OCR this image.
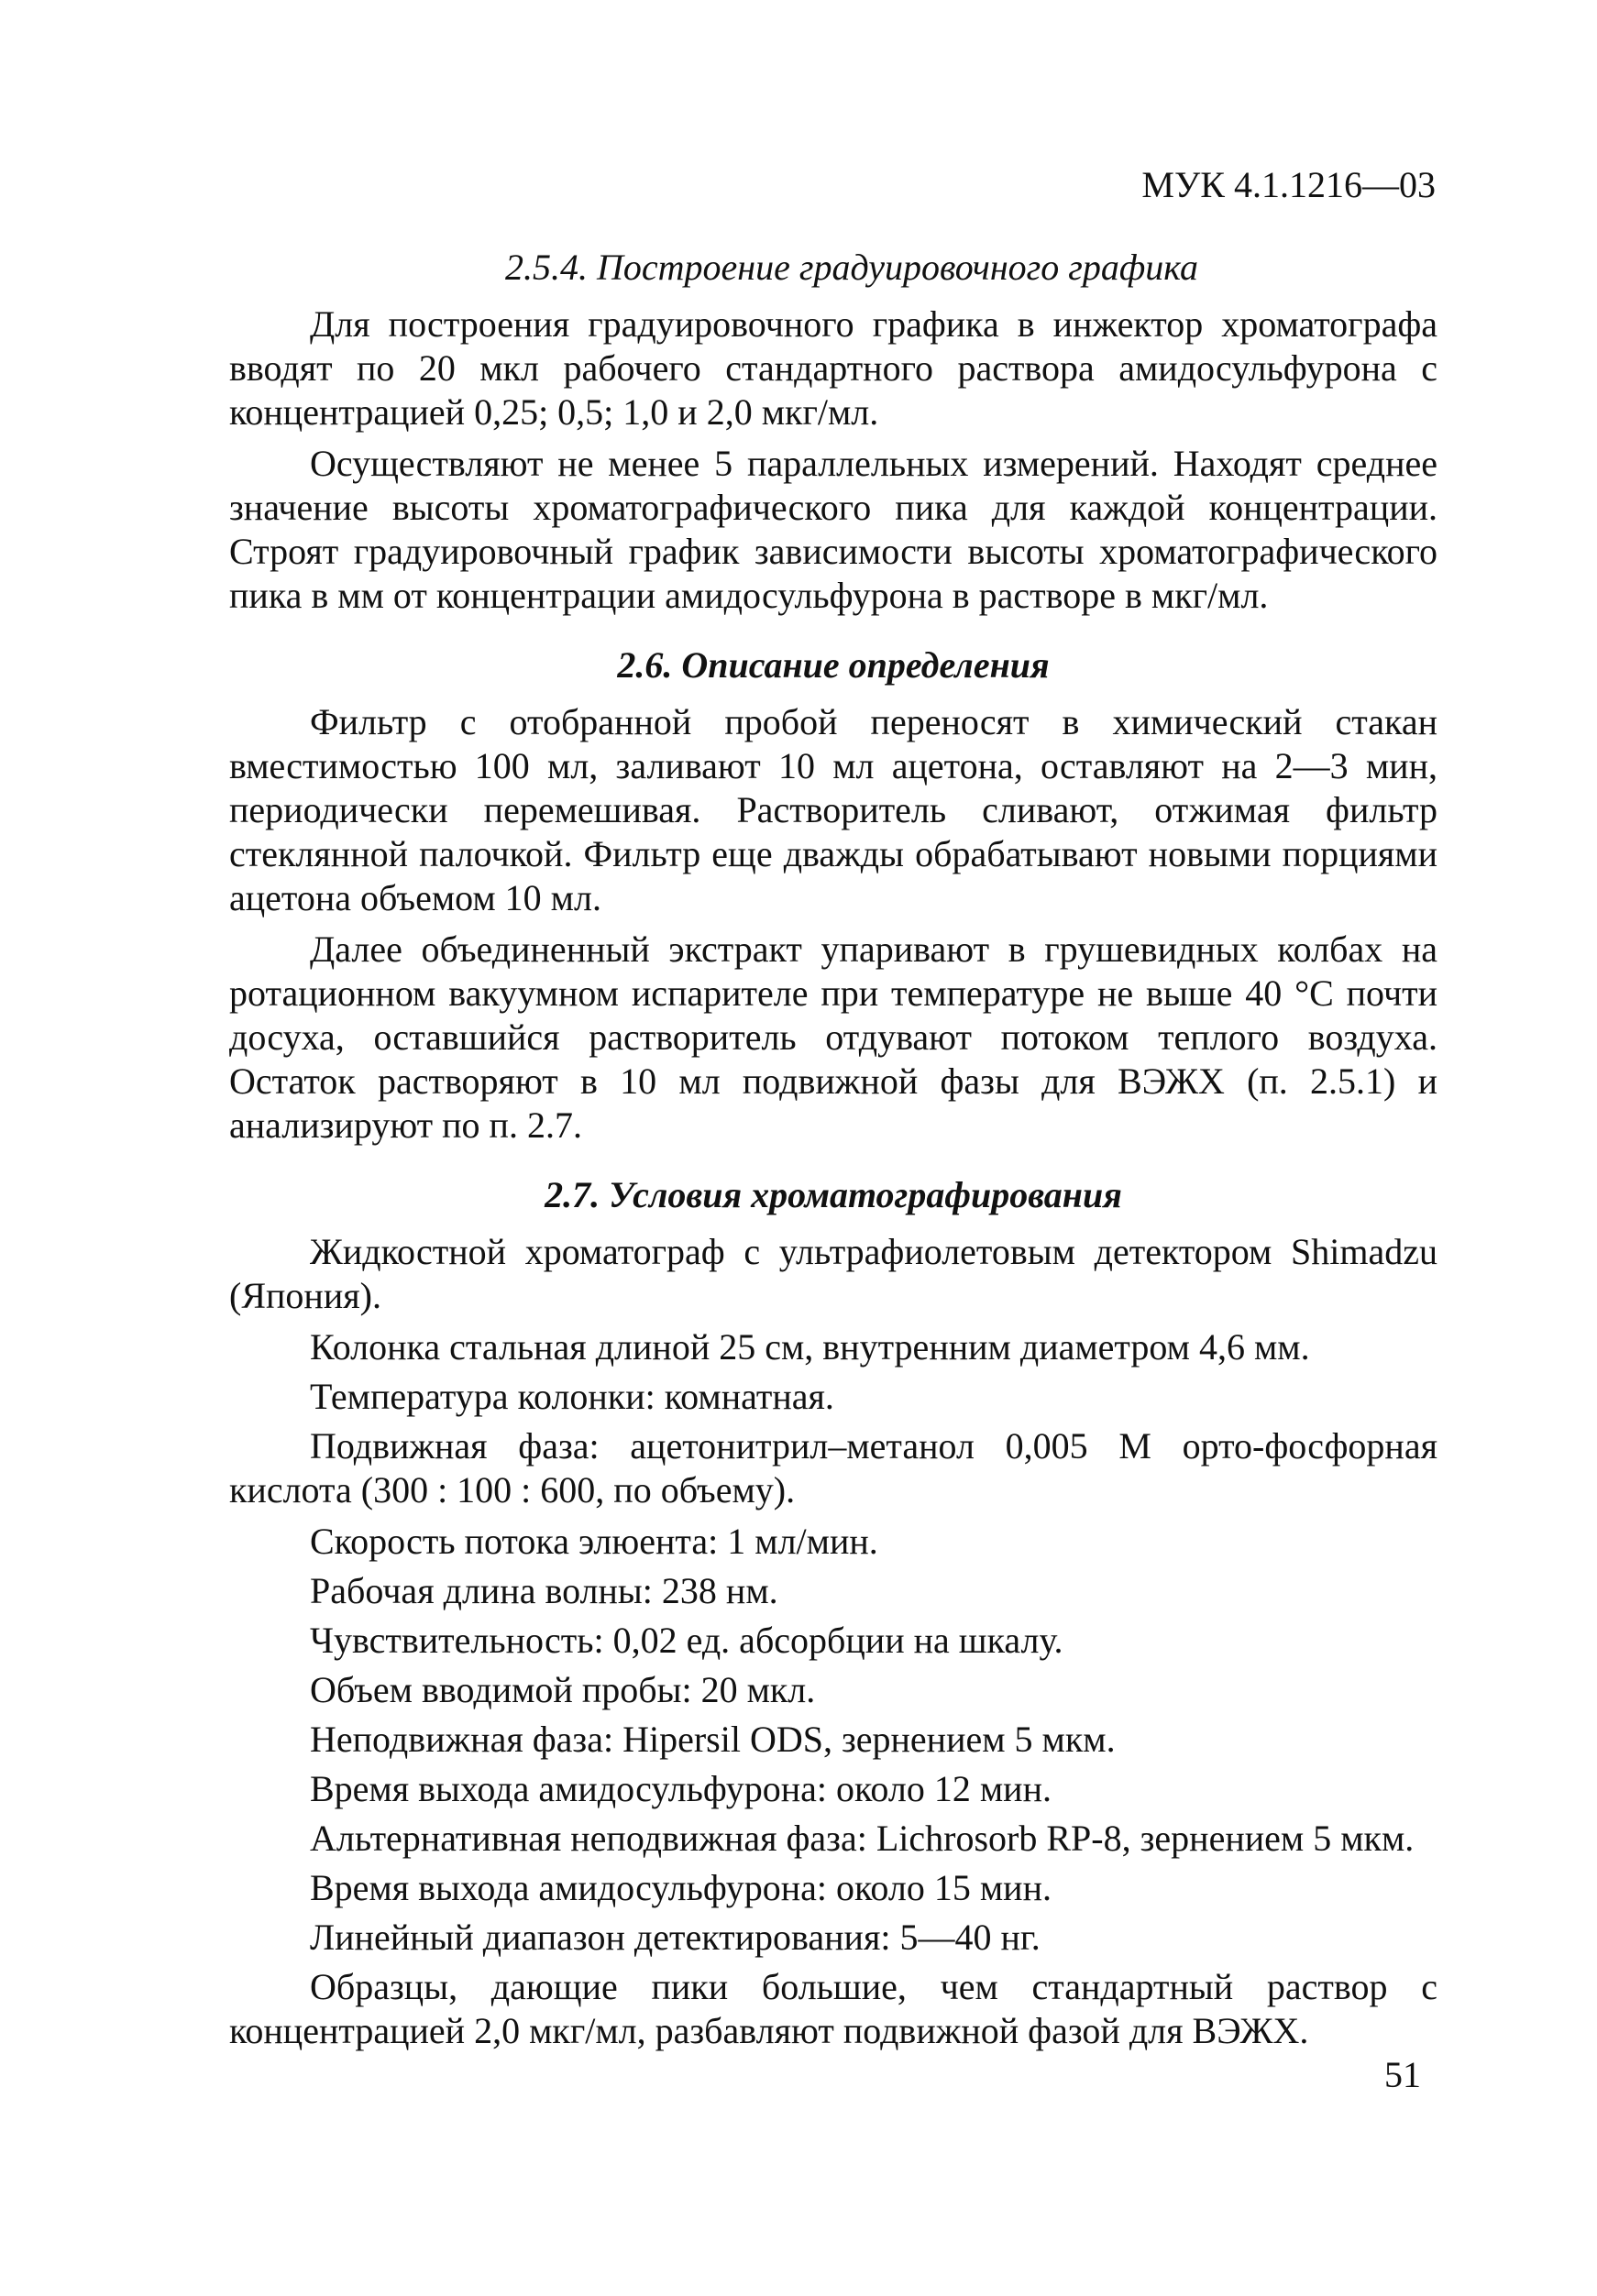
МУК 4.1.1216—03
2.5.4. Построение градуировочного графика

Для построения градуировочного графика в инжектор хроматографа вводят по 20 мкл рабочего стандартного раствора амидосульфурона с концентрацией 0,25; 0,5; 1,0 и 2,0 мкг/мл.

Осуществляют не менее 5 параллельных измерений. Находят среднее значение высоты хроматографического пика для каждой концентрации. Строят градуировочный график зависимости высоты хроматографического пика в мм от концентрации амидосульфурона в растворе в мкг/мл.

2.6. Описание определения

Фильтр с отобранной пробой переносят в химический стакан вместимостью 100 мл, заливают 10 мл ацетона, оставляют на 2—3 мин, периодически перемешивая. Растворитель сливают, отжимая фильтр стеклянной палочкой. Фильтр еще дважды обрабатывают новыми порциями ацетона объемом 10 мл.

Далее объединенный экстракт упаривают в грушевидных колбах на ротационном вакуумном испарителе при температуре не выше 40 °С почти досуха, оставшийся растворитель отдувают потоком теплого воздуха. Остаток растворяют в 10 мл подвижной фазы для ВЭЖХ (п. 2.5.1) и анализируют по п. 2.7.

2.7. Условия хроматографирования

Жидкостной хроматограф с ультрафиолетовым детектором Shimadzu (Япония).

Колонка стальная длиной 25 см, внутренним диаметром 4,6 мм.
Температура колонки: комнатная.

Подвижная фаза: ацетонитрил–метанол 0,005 М орто-фосфорная кислота (300 : 100 : 600, по объему).

Скорость потока элюента: 1 мл/мин.
Рабочая длина волны: 238 нм.
Чувствительность: 0,02 ед. абсорбции на шкалу.
Объем вводимой пробы: 20 мкл.
Неподвижная фаза: Hipersil ODS, зернением 5 мкм.
Время выхода амидосульфурона: около 12 мин.
Альтернативная неподвижная фаза: Lichrosorb RP-8, зернением 5 мкм.
Время выхода амидосульфурона: около 15 мин.
Линейный диапазон детектирования: 5—40 нг.

Образцы, дающие пики большие, чем стандартный раствор с концентрацией 2,0 мкг/мл, разбавляют подвижной фазой для ВЭЖХ.

51
